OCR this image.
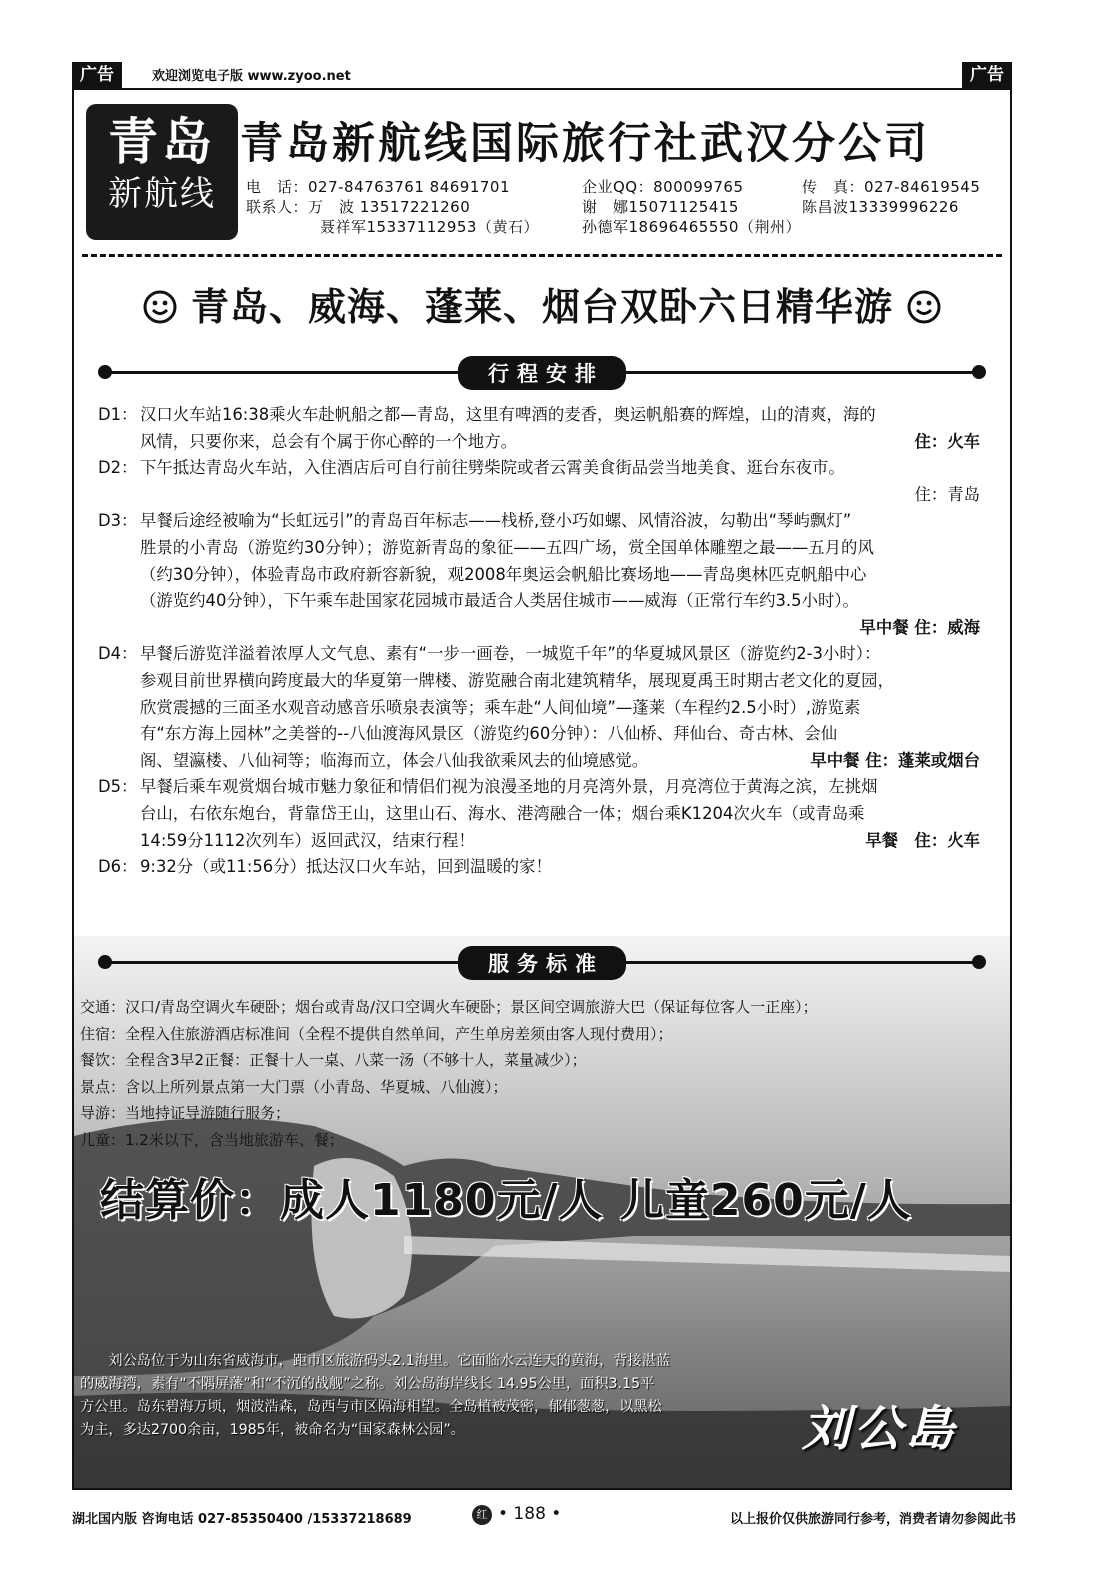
广告	欢迎浏览电子版 www.zyoo.net	广告
青岛
新航线
青岛新航线国际旅行社武汉分公司
电　话：027-84763761 84691701	企业QQ：800099765	传　真：027-84619545
联系人：万　波 13517221260	谢　娜15071125415	陈昌波13339996226
聂祥军15337112953（黄石）	孙德军18696465550（荆州）
青岛、威海、蓬莱、烟台双卧六日精华游
行程安排
服务标准
D1： 汉口火车站16:38乘火车赴帆船之都—青岛，这里有啤酒的麦香，奥运帆船赛的辉煌，山的清爽，海的
风情，只要你来，总会有个属于你心醉的一个地方。	住：火车
D2： 下午抵达青岛火车站，入住酒店后可自行前往劈柴院或者云霄美食街品尝当地美食、逛台东夜市。
住：青岛
D3： 早餐后途经被喻为“长虹远引”的青岛百年标志——栈桥,登小巧如螺、风情浴波，勾勒出“琴屿飘灯”
胜景的小青岛（游览约30分钟）；游览新青岛的象征——五四广场，赏全国单体雕塑之最——五月的风
（约30分钟），体验青岛市政府新容新貌，观2008年奥运会帆船比赛场地——青岛奥林匹克帆船中心
（游览约40分钟），下午乘车赴国家花园城市最适合人类居住城市——威海（正常行车约3.5小时）。
早中餐 住：威海
D4： 早餐后游览洋溢着浓厚人文气息、素有“一步一画卷，一城览千年”的华夏城风景区（游览约2-3小时）：
参观目前世界横向跨度最大的华夏第一牌楼、游览融合南北建筑精华，展现夏禹王时期古老文化的夏园，
欣赏震撼的三面圣水观音动感音乐喷泉表演等；乘车赴“人间仙境”—蓬莱（车程约2.5小时）,游览素
有“东方海上园林”之美誉的--八仙渡海风景区（游览约60分钟）：八仙桥、拜仙台、奇古林、会仙
阁、望瀛楼、八仙祠等；临海而立，体会八仙我欲乘风去的仙境感觉。	早中餐 住：蓬莱或烟台
D5： 早餐后乘车观赏烟台城市魅力象征和情侣们视为浪漫圣地的月亮湾外景，月亮湾位于黄海之滨，左挑烟
台山，右依东炮台，背靠岱王山，这里山石、海水、港湾融合一体；烟台乘K1204次火车（或青岛乘
14:59分1112次列车）返回武汉，结束行程！	早餐　住：火车
D6： 9:32分（或11:56分）抵达汉口火车站，回到温暖的家！
交通：汉口/青岛空调火车硬卧；烟台或青岛/汉口空调火车硬卧；景区间空调旅游大巴（保证每位客人一正座）；
住宿：全程入住旅游酒店标准间（全程不提供自然单间，产生单房差须由客人现付费用）；
餐饮：全程含3早2正餐：正餐十人一桌、八菜一汤（不够十人，菜量减少）；
景点：含以上所列景点第一大门票（小青岛、华夏城、八仙渡）；
导游：当地持证导游随行服务；
儿童：1.2米以下，含当地旅游车、餐；
结算价：成人1180元/人 儿童260元/人
　　刘公岛位于为山东省威海市，距市区旅游码头2.1海里。它面临水云连天的黄海，背接湛蓝
的威海湾，素有“不隅屏藩”和“不沉的战舰”之称。刘公岛海岸线长 14.95公里，面积3.15平
方公里。岛东碧海万顷，烟波浩森，岛西与市区隔海相望。全岛植被茂密，郁郁葱葱，以黑松
为主，多达2700余亩，1985年，被命名为“国家森林公园”。	刘公島
湖北国内版 咨询电话 027-85350400 /15337218689	红 • 188 •	以上报价仅供旅游同行参考，消费者请勿参阅此书
